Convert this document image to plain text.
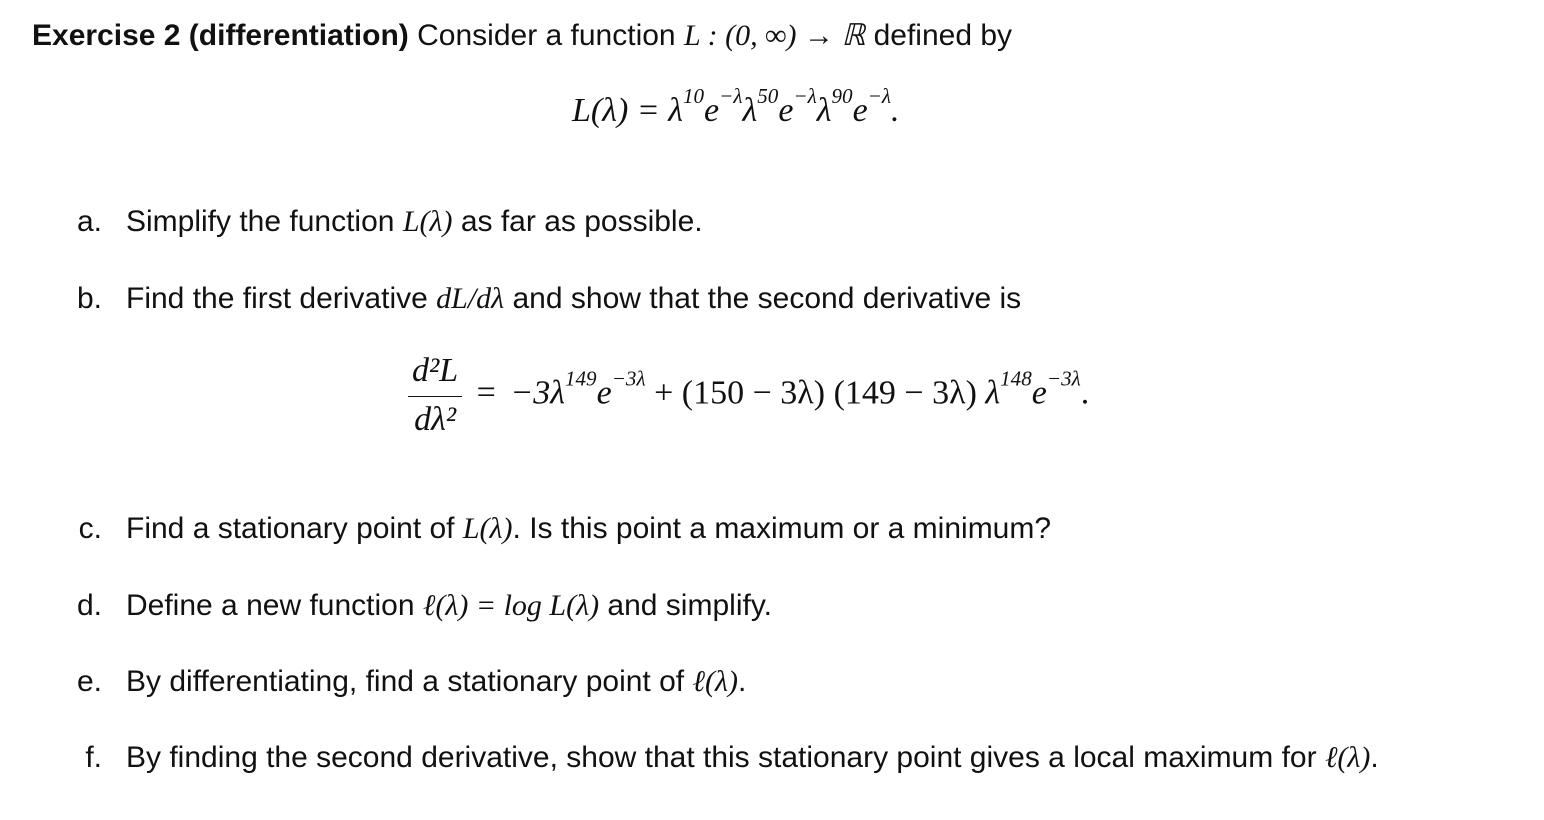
Exercise 2 (differentiation) Consider a function L : (0, ∞) → ℝ defined by
$L(\lambda) = \lambda^{10}e^{-\lambda}\lambda^{50}e^{-\lambda}\lambda^{90}e^{-\lambda}$.
a. Simplify the function L(λ) as far as possible.
b. Find the first derivative dL/dλ and show that the second derivative is
$\frac{\text{d²L}}{\text{dλ²}} = -3\lambda^{149}e^{-3\lambda} + (150 - 3\lambda) (149 - 3\lambda)$ $\lambda^{148}e^{-3\lambda}$.
c. Find a stationary point of L(λ). Is this point a maximum or a minimum?
d. Define a new function ℓ(λ) = log L(λ) and simplify.
e. By differentiating, find a stationary point of ℓ(λ).
f. By finding the second derivative, show that this stationary point gives a local maximum for ℓ(λ).
